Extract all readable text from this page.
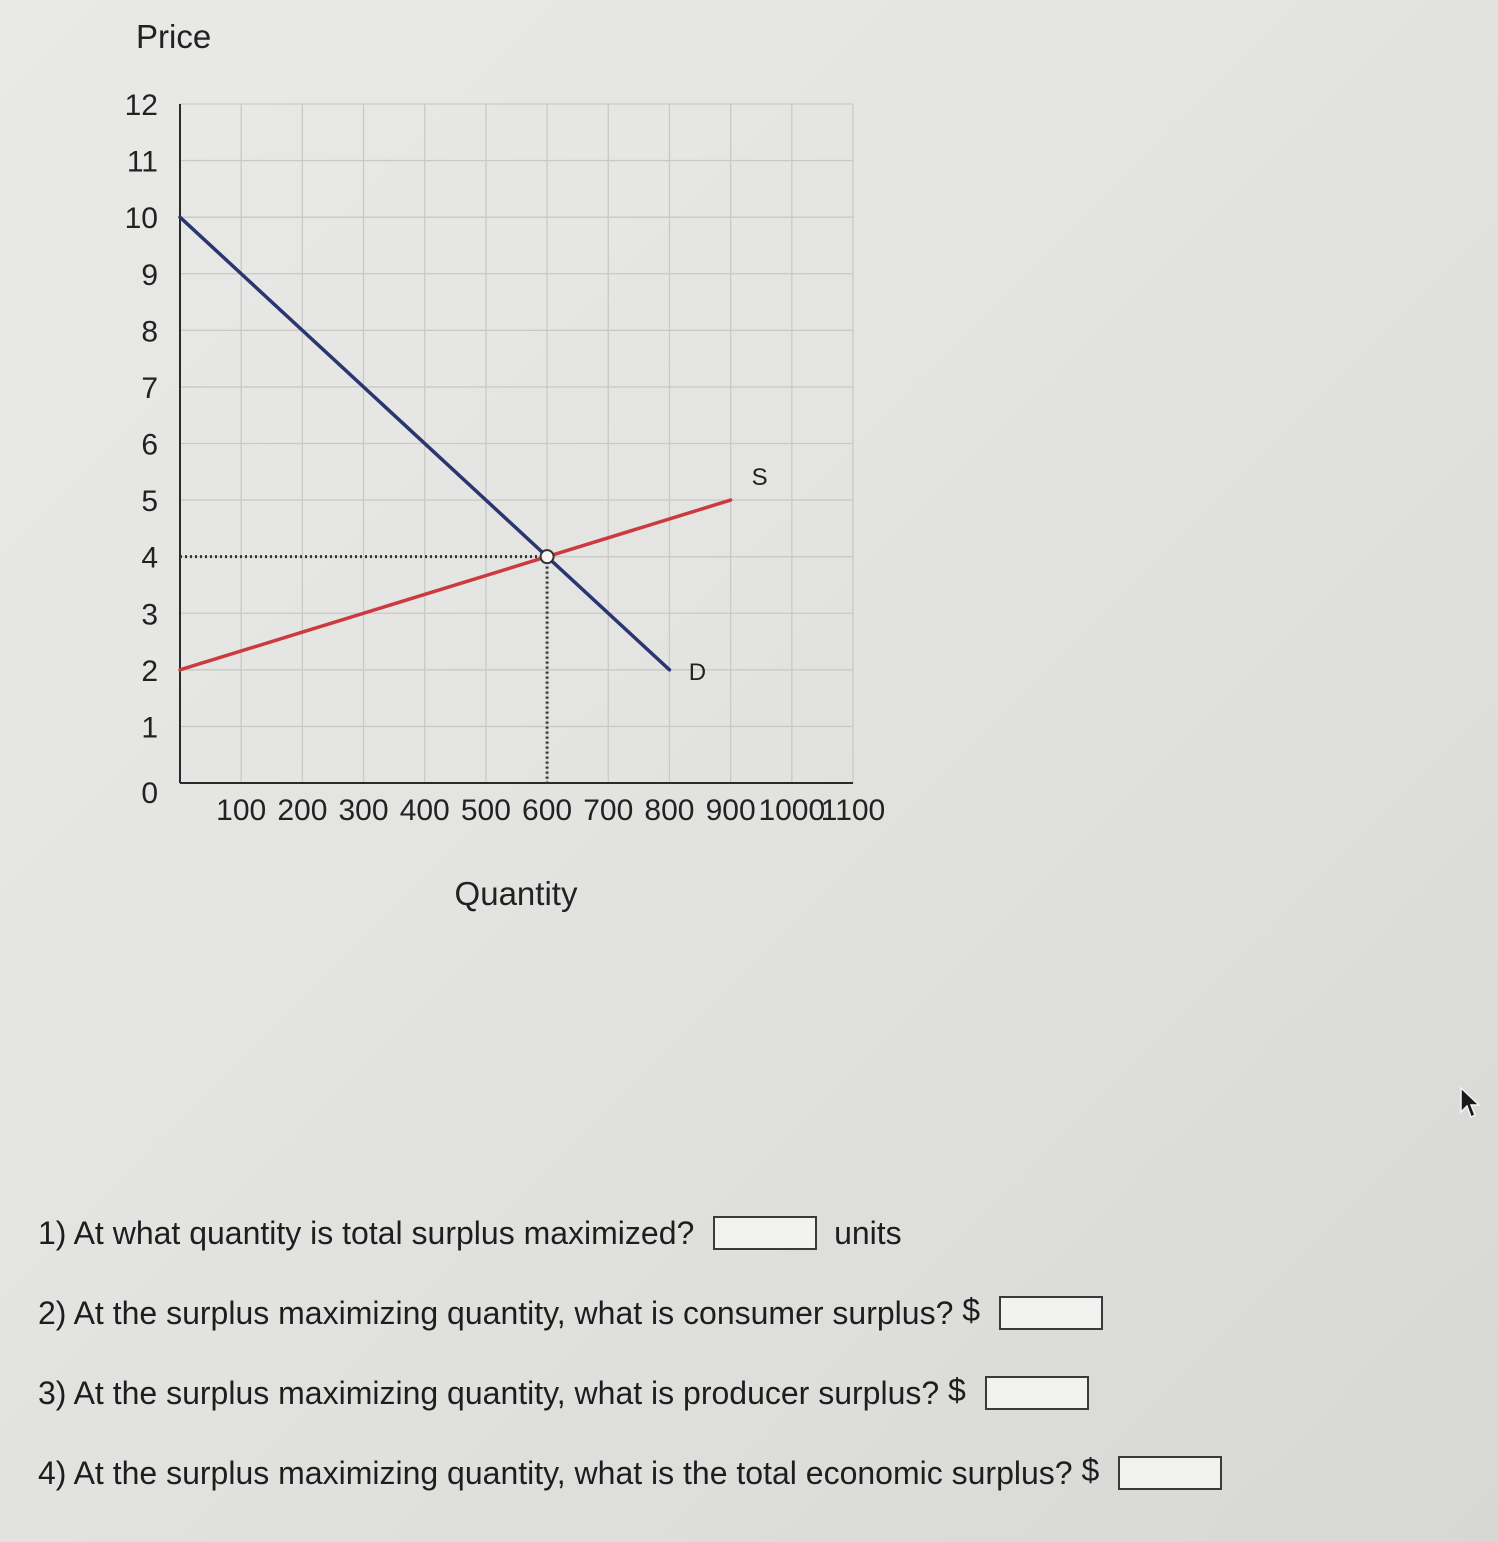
D
S
0
1
2
3
4
5
6
7
8
9
10
11
12
100 200 300 400 500 600 700 800 900 1000
1100
Price
Quantity
1) At what quantity is total surplus maximized?	units
2) At the surplus maximizing quantity, what is consumer surplus? $
3) At the surplus maximizing quantity, what is producer surplus? $
4) At the surplus maximizing quantity, what is the total economic surplus? $
